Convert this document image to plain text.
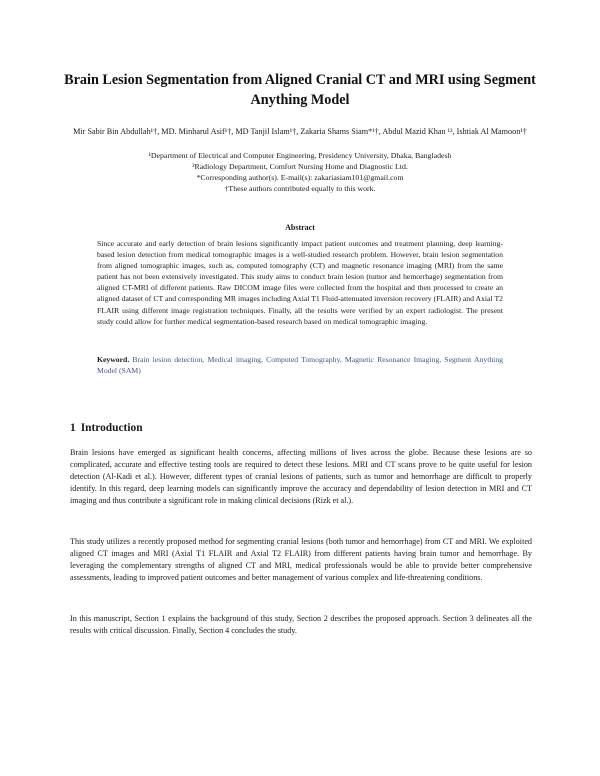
Brain Lesion Segmentation from Aligned Cranial CT and MRI using Segment Anything Model
Mir Sabir Bin Abdullah¹†, MD. Minharul Asif¹†, MD Tanjil Islam¹†, Zakaria Shams Siam*¹†, Abdul Mazid Khan ¹², Ishtiak Al Mamoon¹†
¹Department of Electrical and Computer Engineering, Presidency University, Dhaka, Bangladesh
²Radiology Department, Comfort Nursing Home and Diagnostic Ltd.
*Corresponding author(s). E-mail(s): zakariasiam101@gmail.com
†These authors contributed equally to this work.
Abstract
Since accurate and early detection of brain lesions significantly impact patient outcomes and treatment planning, deep learning-based lesion detection from medical tomographic images is a well-studied research problem. However, brain lesion segmentation from aligned tomographic images, such as, computed tomography (CT) and magnetic resonance imaging (MRI) from the same patient has not been extensively investigated. This study aims to conduct brain lesion (tumor and hemorrhage) segmentation from aligned CT-MRI of different patients. Raw DICOM image files were collected from the hospital and then processed to create an aligned dataset of CT and corresponding MR images including Axial T1 Fluid-attenuated inversion recovery (FLAIR) and Axial T2 FLAIR using different image registration techniques. Finally, all the results were verified by an expert radiologist. The present study could allow for further medical segmentation-based research based on medical tomographic imaging.
Keyword. Brain lesion detection, Medical imaging, Computed Tomography, Magnetic Resonance Imaging, Segment Anything Model (SAM)
1 Introduction
Brain lesions have emerged as significant health concerns, affecting millions of lives across the globe. Because these lesions are so complicated, accurate and effective testing tools are required to detect these lesions. MRI and CT scans prove to be quite useful for lesion detection (Al-Kadi et al.). However, different types of cranial lesions of patients, such as tumor and hemorrhage are difficult to properly identify. In this regard, deep learning models can significantly improve the accuracy and dependability of lesion detection in MRI and CT imaging and thus contribute a significant role in making clinical decisions (Rizk et al.).
This study utilizes a recently proposed method for segmenting cranial lesions (both tumor and hemorrhage) from CT and MRI. We exploited aligned CT images and MRI (Axial T1 FLAIR and Axial T2 FLAIR) from different patients having brain tumor and hemorrhage. By leveraging the complementary strengths of aligned CT and MRI, medical professionals would be able to provide better comprehensive assessments, leading to improved patient outcomes and better management of various complex and life-threatening conditions.
In this manuscript, Section 1 explains the background of this study, Section 2 describes the proposed approach. Section 3 delineates all the results with critical discussion. Finally, Section 4 concludes the study.
